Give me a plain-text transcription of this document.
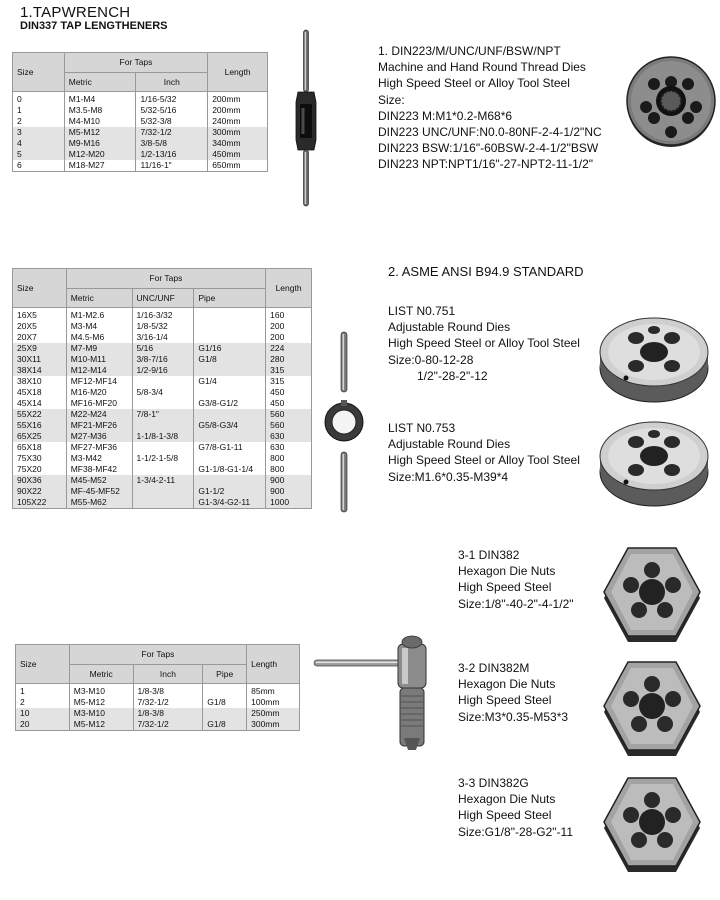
1.TAPWRENCH
DIN337 TAP LENGTHENERS
Size	For Taps		Length
	Metric	Inch	
0	M1-M4	1/16-5/32	200mm
1	M3.5-M8	5/32-5/16	200mm
2	M4-M10	5/32-3/8	240mm
3	M5-M12	7/32-1/2	300mm
4	M9-M16	3/8-5/8	340mm
5	M12-M20	1/2-13/16	450mm
6	M18-M27	11/16-1"	650mm
1. DIN223/M/UNC/UNF/BSW/NPT
Machine and Hand Round Thread Dies
High Speed Steel or Alloy Tool Steel
Size:
DIN223 M:M1*0.2-M68*6
DIN223 UNC/UNF:N0.0-80NF-2-4-1/2"NC
DIN223 BSW:1/16"-60BSW-2-4-1/2"BSW
DIN223 NPT:NPT1/16"-27-NPT2-11-1/2"
Size	For Taps			Length
	Metric	UNC/UNF	Pipe	
16X5	M1-M2.6	1/16-3/32		160
20X5	M3-M4	1/8-5/32		200
20X7	M4.5-M6	3/16-1/4		200
25X9	M7-M9	5/16	G1/16	224
30X11	M10-M11	3/8-7/16	G1/8	280
38X14	M12-M14	1/2-9/16		315
38X10	MF12-MF14		G1/4	315
45X18	M16-M20	5/8-3/4		450
45X14	MF16-MF20		G3/8-G1/2	450
55X22	M22-M24	7/8-1"		560
55X16	MF21-MF26		G5/8-G3/4	560
65X25	M27-M36	1-1/8-1-3/8		630
65X18	MF27-MF36		G7/8-G1-11	630
75X30	M3-M42	1-1/2-1-5/8		800
75X20	MF38-MF42		G1-1/8-G1-1/4	800
90X36	M45-M52	1-3/4-2-11		900
90X22	MF-45-MF52		G1-1/2	900
105X22	M55-M62		G1-3/4-G2-11	1000
2. ASME ANSI B94.9 STANDARD
LIST N0.751
Adjustable Round Dies
High Speed Steel or Alloy Tool Steel
Size:0-80-12-28
1/2"-28-2"-12
LIST N0.753
Adjustable Round Dies
High Speed Steel or Alloy Tool Steel
Size:M1.6*0.35-M39*4
Size	For Taps			Length
	Metric	Inch	Pipe	
1	M3-M10	1/8-3/8		85mm
2	M5-M12	7/32-1/2	G1/8	100mm
10	M3-M10	1/8-3/8		250mm
20	M5-M12	7/32-1/2	G1/8	300mm
3-1 DIN382
Hexagon Die Nuts
High Speed Steel
Size:1/8"-40-2"-4-1/2"
3-2 DIN382M
Hexagon Die Nuts
High Speed Steel
Size:M3*0.35-M53*3
3-3 DIN382G
Hexagon Die Nuts
High Speed Steel
Size:G1/8"-28-G2"-11
